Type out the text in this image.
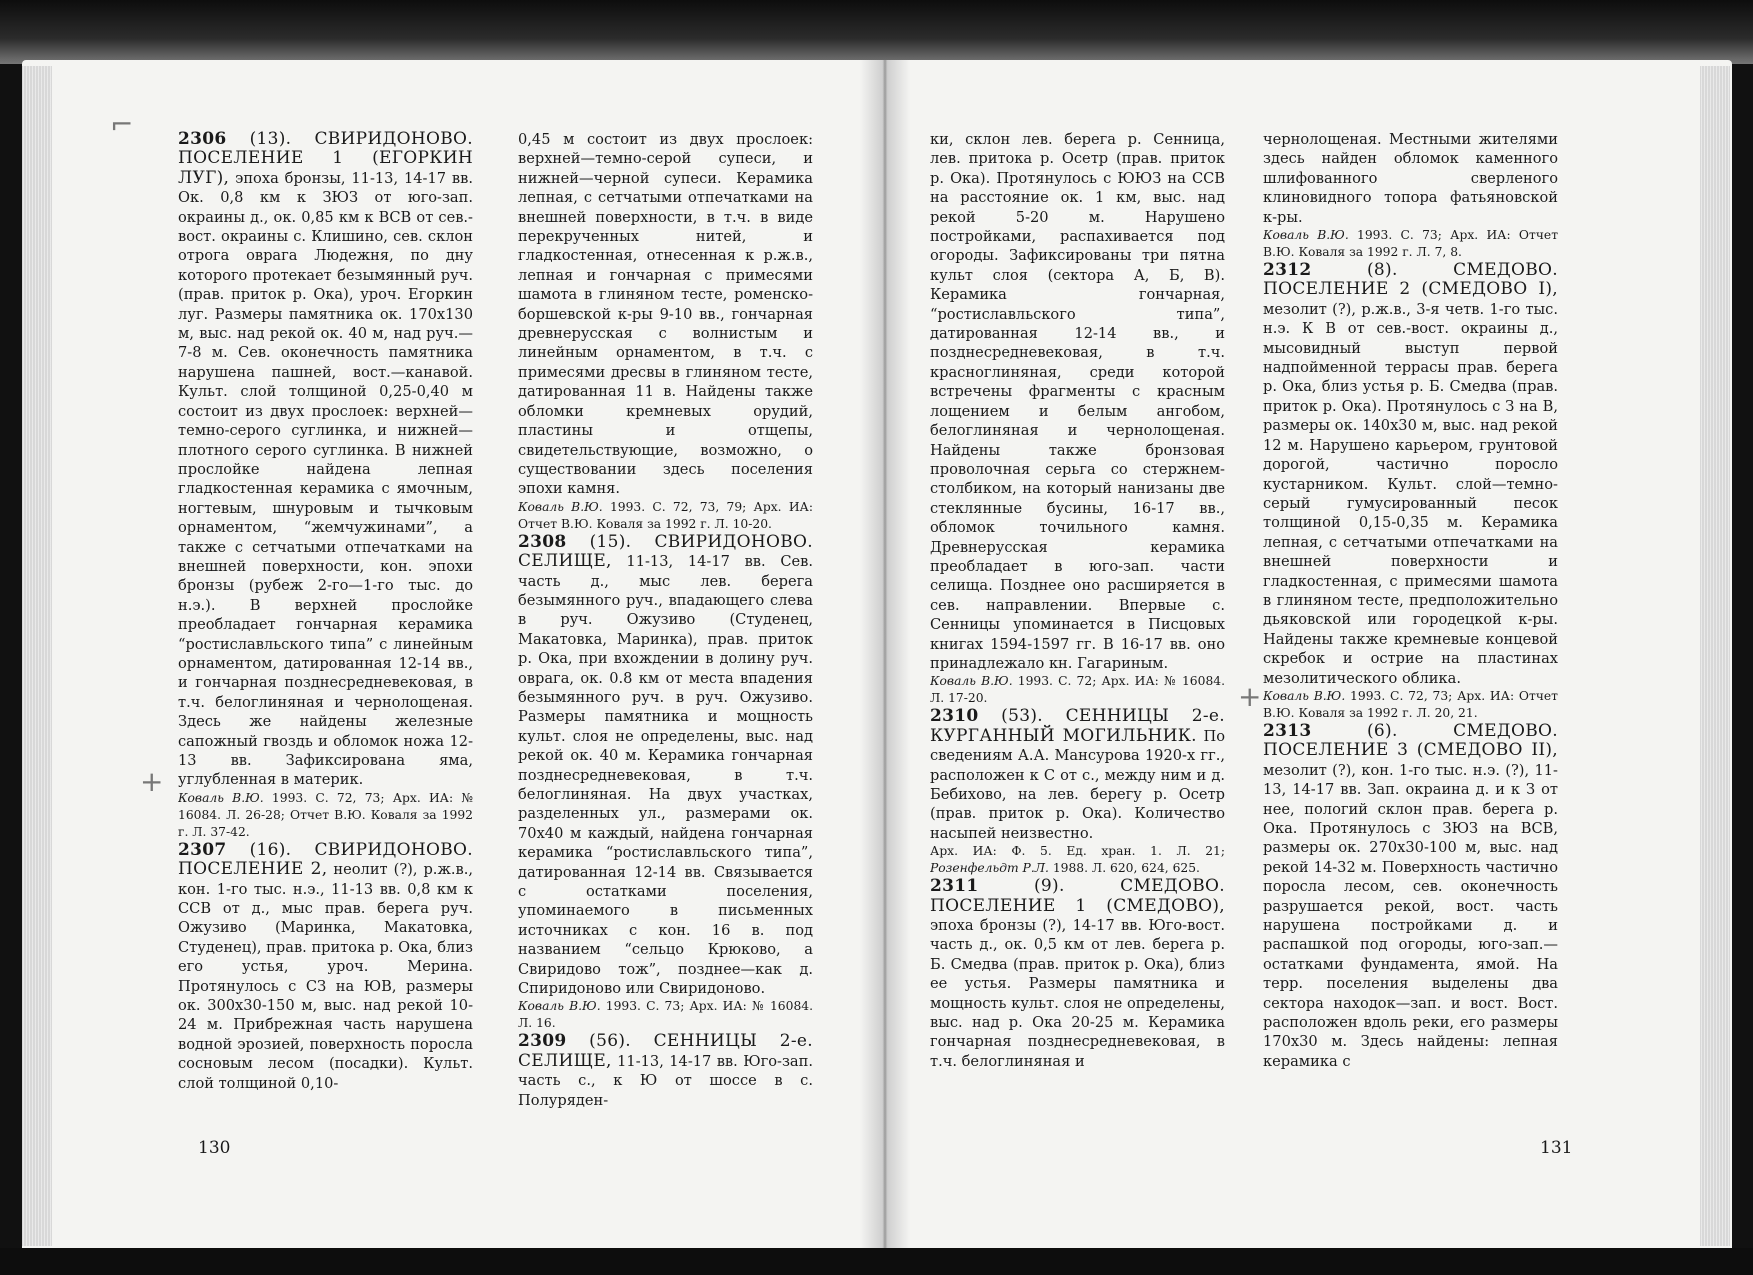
⌐
+
+

2306 (13). СВИРИДОНОВО. ПОСЕЛЕНИЕ 1 (ЕГОРКИН ЛУГ), эпоха бронзы, 11-13, 14-17 вв. Ок. 0,8 км к ЗЮЗ от юго-зап. окраины д., ок. 0,85 км к ВСВ от сев.-вост. окраины с. Клишино, сев. склон отрога оврага Людежня, по дну которого протекает безымянный руч. (прав. приток р. Ока), уроч. Егоркин луг. Размеры памятника ок. 170х130 м, выс. над рекой ок. 40 м, над руч.—7-8 м. Сев. оконечность памятника нарушена пашней, вост.—канавой. Культ. слой толщиной 0,25-0,40 м состоит из двух прослоек: верхней—темно-серого суглинка, и нижней—плотного серого суглинка. В нижней прослойке найдена лепная гладкостенная керамика с ямочным, ногтевым, шнуровым и тычковым орнаментом, “жемчужинами”, а также с сетчатыми отпечатками на внешней поверхности, кон. эпохи бронзы (рубеж 2-го—1-го тыс. до н.э.). В верхней прослойке преобладает гончарная керамика “ростиславльского типа” с линейным орнаментом, датированная 12-14 вв., и гончарная позднесредневековая, в т.ч. белоглиняная и чернолощеная. Здесь же найдены железные сапожный гвоздь и обломок ножа 12-13 вв. Зафиксирована яма, углубленная в материк.

Коваль В.Ю. 1993. С. 72, 73; Арх. ИА: № 16084. Л. 26-28; Отчет В.Ю. Коваля за 1992 г. Л. 37-42.

2307 (16). СВИРИДОНОВО. ПОСЕЛЕНИЕ 2, неолит (?), р.ж.в., кон. 1-го тыс. н.э., 11-13 вв. 0,8 км к ССВ от д., мыс прав. берега руч. Ожузиво (Маринка, Макатовка, Студенец), прав. притока р. Ока, близ его устья, уроч. Мерина. Протянулось с СЗ на ЮВ, размеры ок. 300х30-150 м, выс. над рекой 10-24 м. Прибрежная часть нарушена водной эрозией, поверхность поросла сосновым лесом (посадки). Культ. слой толщиной 0,10-

0,45 м состоит из двух прослоек: верхней—темно-серой супеси, и нижней—черной супеси. Керамика лепная, с сетчатыми отпечатками на внешней поверхности, в т.ч. в виде перекрученных нитей, и гладкостенная, отнесенная к р.ж.в., лепная и гончарная с примесями шамота в глиняном тесте, роменско-боршевской к-ры 9-10 вв., гончарная древнерусская с волнистым и линейным орнаментом, в т.ч. с примесями дресвы в глиняном тесте, датированная 11 в. Найдены также обломки кремневых орудий, пластины и отщепы, свидетельствующие, возможно, о существовании здесь поселения эпохи камня.

Коваль В.Ю. 1993. С. 72, 73, 79; Арх. ИА: Отчет В.Ю. Коваля за 1992 г. Л. 10-20.

2308 (15). СВИРИДОНОВО. СЕЛИЩЕ, 11-13, 14-17 вв. Сев. часть д., мыс лев. берега безымянного руч., впадающего слева в руч. Ожузиво (Студенец, Макатовка, Маринка), прав. приток р. Ока, при вхождении в долину руч. оврага, ок. 0.8 км от места впадения безымянного руч. в руч. Ожузиво. Размеры памятника и мощность культ. слоя не определены, выс. над рекой ок. 40 м. Керамика гончарная позднесредневековая, в т.ч. белоглиняная. На двух участках, разделенных ул., размерами ок. 70х40 м каждый, найдена гончарная керамика “ростиславльского типа”, датированная 12-14 вв. Связывается с остатками поселения, упоминаемого в письменных источниках с кон. 16 в. под названием “сельцо Крюково, а Свиридово тож”, позднее—как д. Спиридоново или Свиридоново.

Коваль В.Ю. 1993. С. 73; Арх. ИА: № 16084. Л. 16.

2309 (56). СЕННИЦЫ 2-е. СЕЛИЩЕ, 11-13, 14-17 вв. Юго-зап. часть с., к Ю от шоссе в с. Полуряден-

ки, склон лев. берега р. Сенница, лев. притока р. Осетр (прав. приток р. Ока). Протянулось с ЮЮЗ на ССВ на расстояние ок. 1 км, выс. над рекой 5-20 м. Нарушено постройками, распахивается под огороды. Зафиксированы три пятна культ слоя (сектора А, Б, В). Керамика гончарная, “ростиславльского типа”, датированная 12-14 вв., и позднесредневековая, в т.ч. красноглиняная, среди которой встречены фрагменты с красным лощением и белым ангобом, белоглиняная и чернолощеная. Найдены также бронзовая проволочная серьга со стержнем-столбиком, на который нанизаны две стеклянные бусины, 16-17 вв., обломок точильного камня. Древнерусская керамика преобладает в юго-зап. части селища. Позднее оно расширяется в сев. направлении. Впервые с. Сенницы упоминается в Писцовых книгах 1594-1597 гг. В 16-17 вв. оно принадлежало кн. Гагариным.

Коваль В.Ю. 1993. С. 72; Арх. ИА: № 16084. Л. 17-20.

2310 (53). СЕННИЦЫ 2-е. КУРГАННЫЙ МОГИЛЬНИК. По сведениям А.А. Мансурова 1920-х гг., расположен к С от с., между ним и д. Бебихово, на лев. берегу р. Осетр (прав. приток р. Ока). Количество насыпей неизвестно.

Арх. ИА: Ф. 5. Ед. хран. 1. Л. 21; Розенфельдт Р.Л. 1988. Л. 620, 624, 625.

2311 (9). СМЕДОВО. ПОСЕЛЕНИЕ 1 (СМЕДОВО), эпоха бронзы (?), 14-17 вв. Юго-вост. часть д., ок. 0,5 км от лев. берега р. Б. Смедва (прав. приток р. Ока), близ ее устья. Размеры памятника и мощность культ. слоя не определены, выс. над р. Ока 20-25 м. Керамика гончарная позднесредневековая, в т.ч. белоглиняная и

чернолощеная. Местными жителями здесь найден обломок каменного шлифованного сверленого клиновидного топора фатьяновской к-ры.

Коваль В.Ю. 1993. С. 73; Арх. ИА: Отчет В.Ю. Коваля за 1992 г. Л. 7, 8.

2312 (8). СМЕДОВО. ПОСЕЛЕНИЕ 2 (СМЕДОВО I), мезолит (?), р.ж.в., 3-я четв. 1-го тыс. н.э. К В от сев.-вост. окраины д., мысовидный выступ первой надпойменной террасы прав. берега р. Ока, близ устья р. Б. Смедва (прав. приток р. Ока). Протянулось с З на В, размеры ок. 140х30 м, выс. над рекой 12 м. Нарушено карьером, грунтовой дорогой, частично поросло кустарником. Культ. слой—темно-серый гумусированный песок толщиной 0,15-0,35 м. Керамика лепная, с сетчатыми отпечатками на внешней поверхности и гладкостенная, с примесями шамота в глиняном тесте, предположительно дьяковской или городецкой к-ры. Найдены также кремневые концевой скребок и острие на пластинах мезолитического облика.

Коваль В.Ю. 1993. С. 72, 73; Арх. ИА: Отчет В.Ю. Коваля за 1992 г. Л. 20, 21.

2313 (6). СМЕДОВО. ПОСЕЛЕНИЕ 3 (СМЕДОВО II), мезолит (?), кон. 1-го тыс. н.э. (?), 11-13, 14-17 вв. Зап. окраина д. и к З от нее, пологий склон прав. берега р. Ока. Протянулось с ЗЮЗ на ВСВ, размеры ок. 270х30-100 м, выс. над рекой 14-32 м. Поверхность частично поросла лесом, сев. оконечность разрушается рекой, вост. часть нарушена постройками д. и распашкой под огороды, юго-зап.—остатками фундамента, ямой. На терр. поселения выделены два сектора находок—зап. и вост. Вост. расположен вдоль реки, его размеры 170х30 м. Здесь найдены: лепная керамика с

130	131
